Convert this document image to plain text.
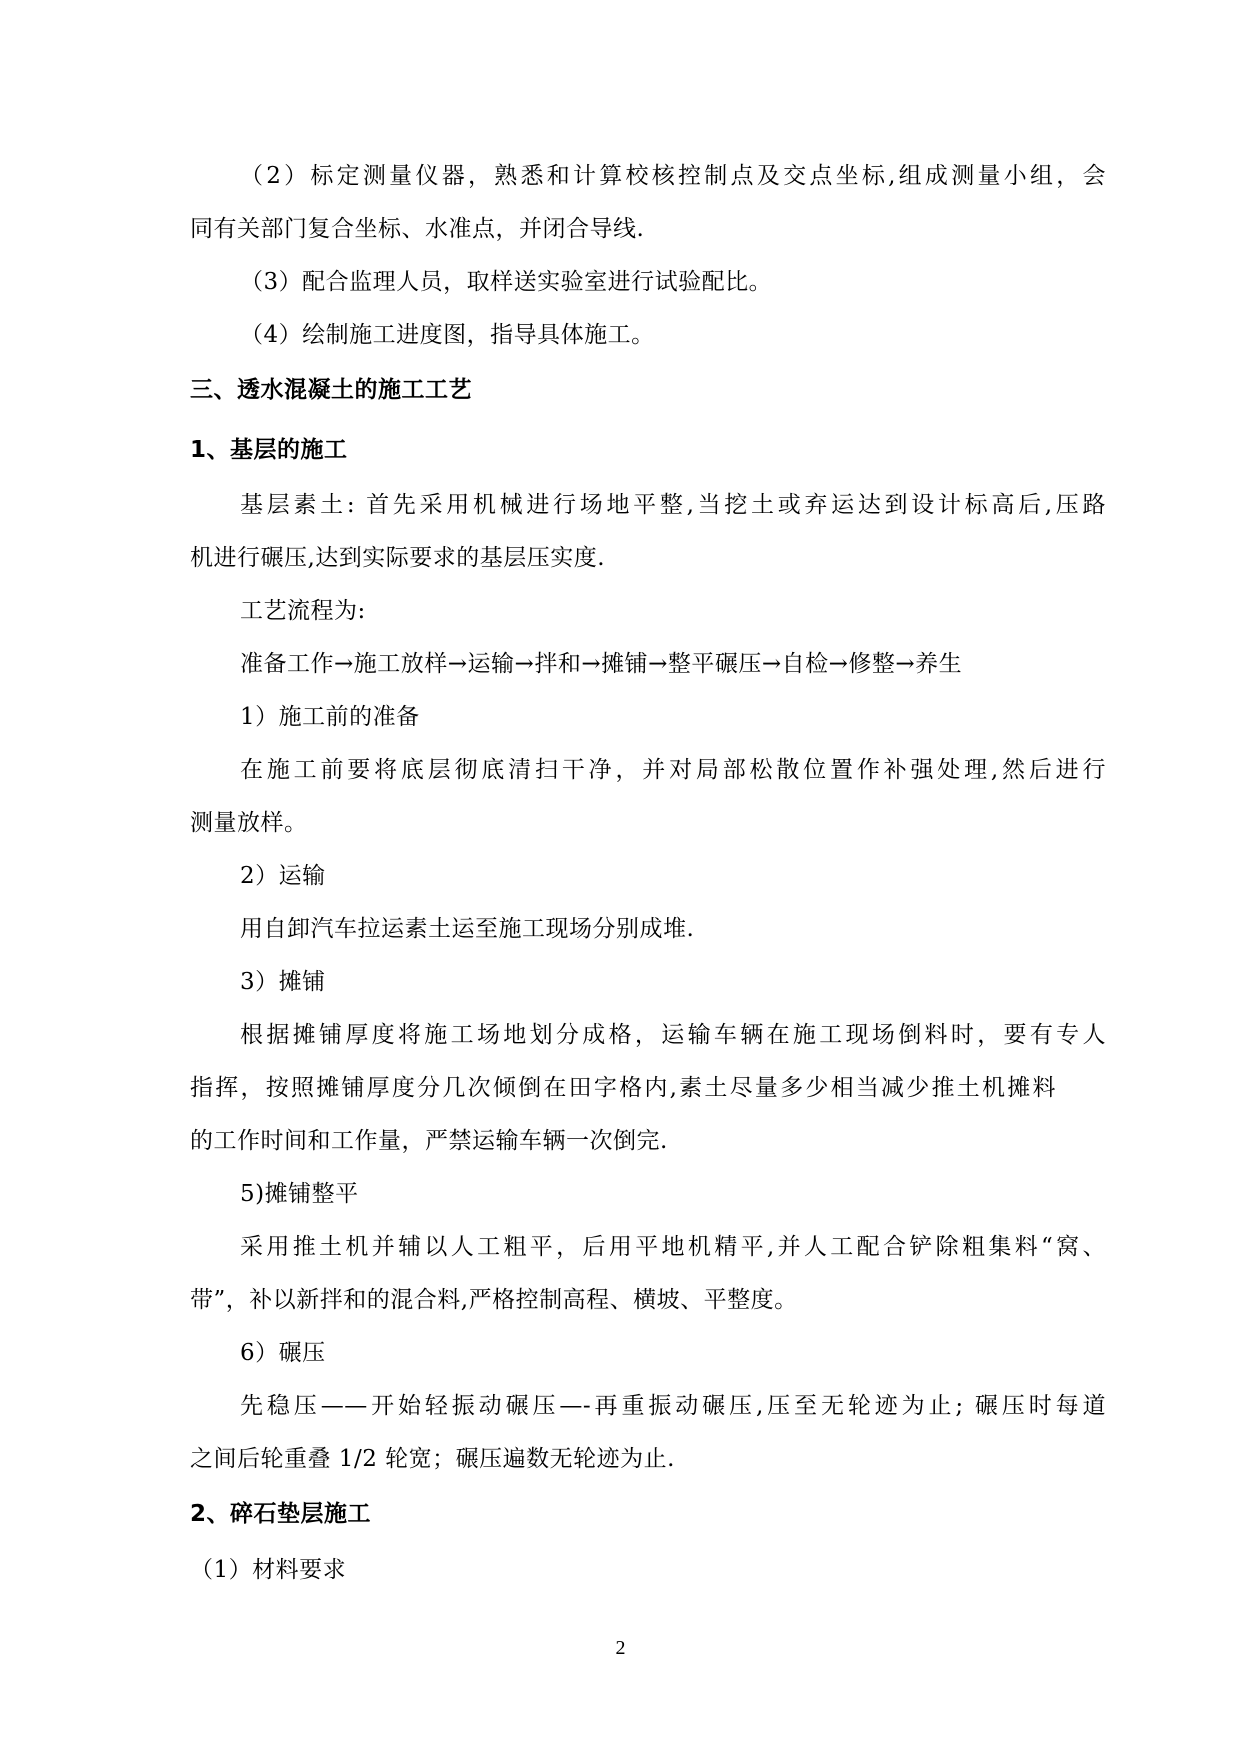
（2）标定测量仪器，熟悉和计算校核控制点及交点坐标,组成测量小组，会

同有关部门复合坐标、水准点，并闭合导线.

（3）配合监理人员，取样送实验室进行试验配比。

（4）绘制施工进度图，指导具体施工。

三、透水混凝土的施工工艺

1、基层的施工

基层素土: 首先采用机械进行场地平整,当挖土或弃运达到设计标高后,压路

机进行碾压,达到实际要求的基层压实度.

工艺流程为:

准备工作→施工放样→运输→拌和→摊铺→整平碾压→自检→修整→养生

1）施工前的准备

在施工前要将底层彻底清扫干净，并对局部松散位置作补强处理,然后进行

测量放样。

2）运输

用自卸汽车拉运素土运至施工现场分别成堆.

3）摊铺

根据摊铺厚度将施工场地划分成格，运输车辆在施工现场倒料时，要有专人

指挥，按照摊铺厚度分几次倾倒在田字格内,素土尽量多少相当减少推土机摊料

的工作时间和工作量，严禁运输车辆一次倒完.

5)摊铺整平

采用推土机并辅以人工粗平，后用平地机精平,并人工配合铲除粗集料“窝、

带”，补以新拌和的混合料,严格控制高程、横坡、平整度。

6）碾压

先稳压——开始轻振动碾压—-再重振动碾压,压至无轮迹为止; 碾压时每道

之间后轮重叠 1/2 轮宽；碾压遍数无轮迹为止.

2、碎石垫层施工

（1）材料要求

2
